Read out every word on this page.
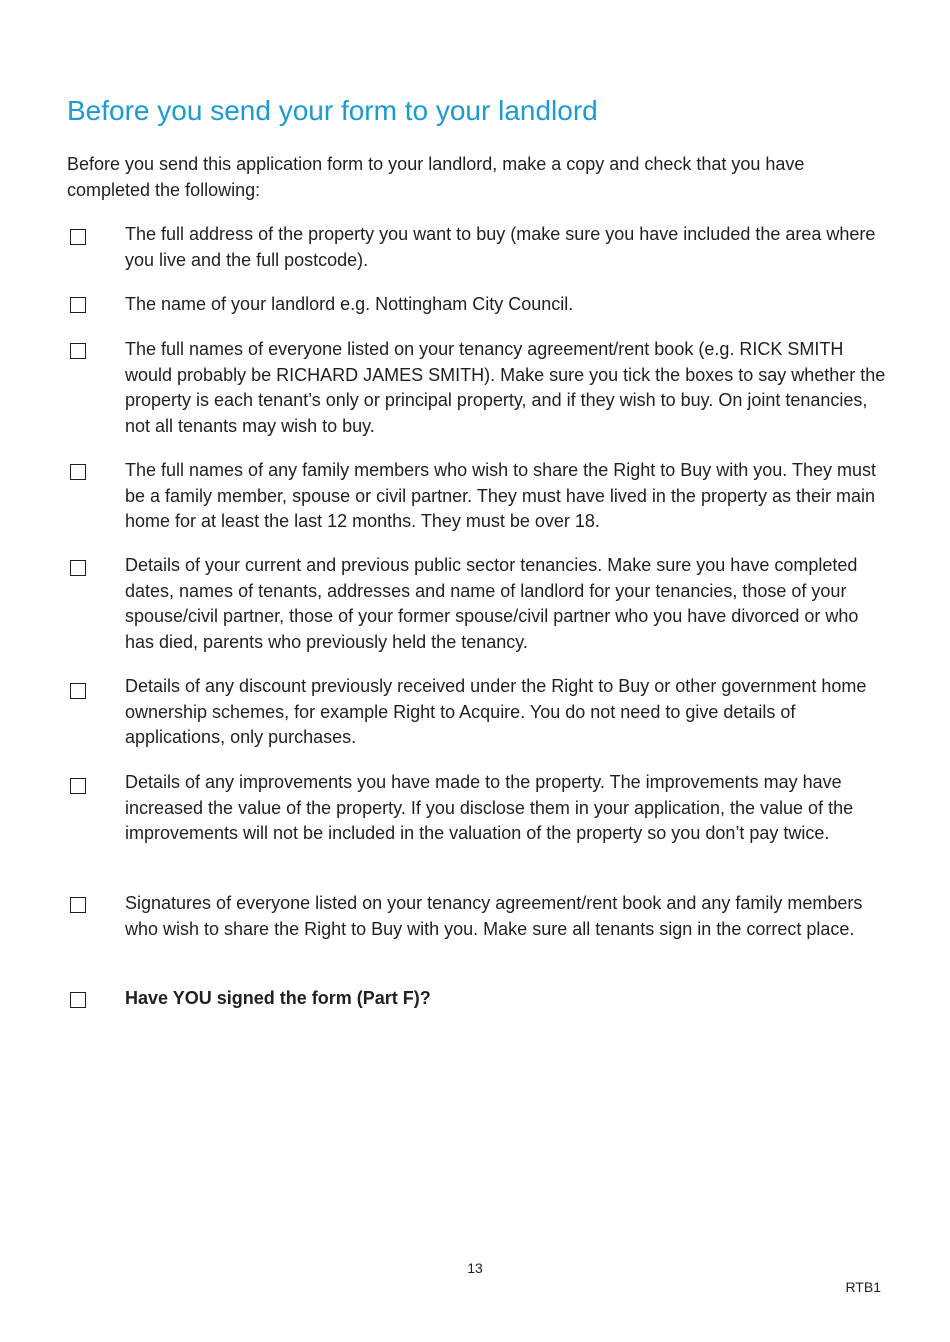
Before you send your form to your landlord

Before you send this application form to your landlord, make a copy and check that you have completed the following:

The full address of the property you want to buy (make sure you have included the area where you live and the full postcode).

The name of your landlord e.g. Nottingham City Council.

The full names of everyone listed on your tenancy agreement/rent book (e.g. RICK SMITH would probably be RICHARD JAMES SMITH). Make sure you tick the boxes to say whether the property is each tenant’s only or principal property, and if they wish to buy. On joint tenancies, not all tenants may wish to buy.

The full names of any family members who wish to share the Right to Buy with you. They must be a family member, spouse or civil partner. They must have lived in the property as their main home for at least the last 12 months. They must be over 18.

Details of your current and previous public sector tenancies. Make sure you have completed dates, names of tenants, addresses and name of landlord for your tenancies, those of your spouse/civil partner, those of your former spouse/civil partner who you have divorced or who has died, parents who previously held the tenancy.

Details of any discount previously received under the Right to Buy or other government home ownership schemes, for example Right to Acquire. You do not need to give details of applications, only purchases.

Details of any improvements you have made to the property. The improvements may have increased the value of the property. If you disclose them in your application, the value of the improvements will not be included in the valuation of the property so you don’t pay twice.

Signatures of everyone listed on your tenancy agreement/rent book and any family members who wish to share the Right to Buy with you. Make sure all tenants sign in the correct place.

Have YOU signed the form (Part F)?

13
RTB1
